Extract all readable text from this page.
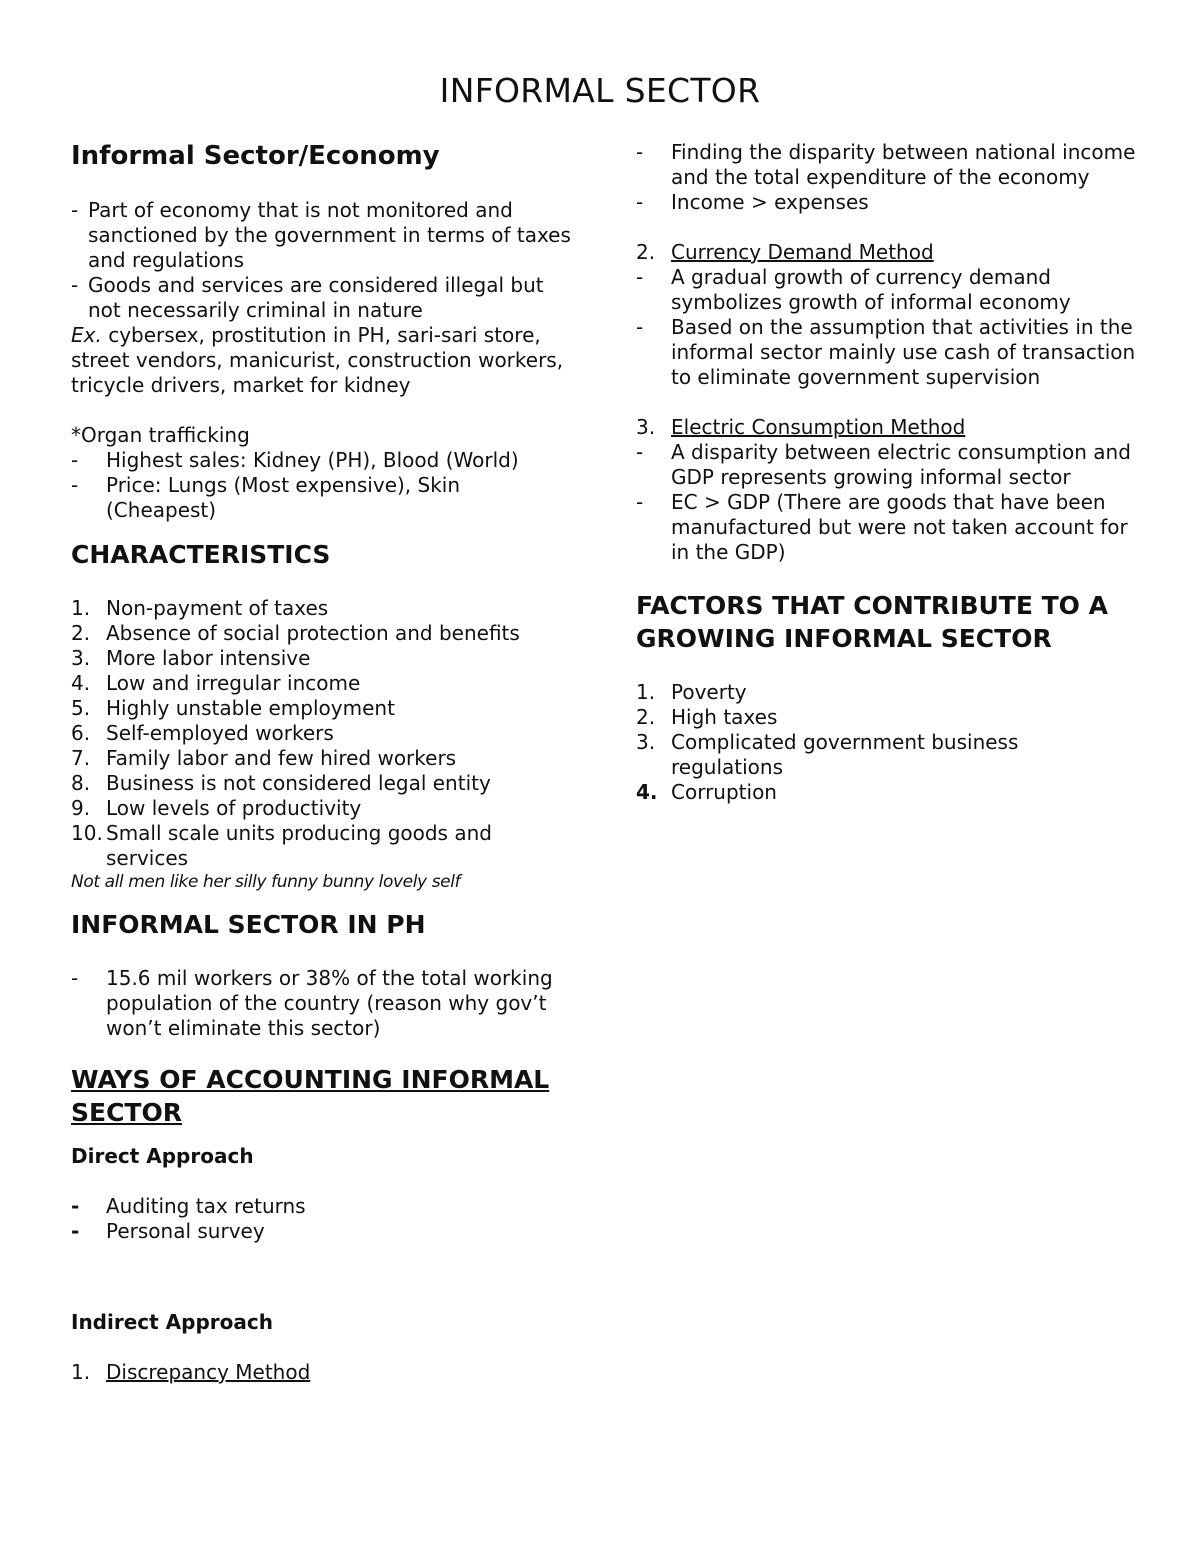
INFORMAL SECTOR
Informal Sector/Economy
- Part of economy that is not monitored and sanctioned by the government in terms of taxes and regulations
- Goods and services are considered illegal but not necessarily criminal in nature

Ex. cybersex, prostitution in PH, sari-sari store, street vendors, manicurist, construction workers, tricycle drivers, market for kidney

*Organ trafficking

-	Highest sales: Kidney (PH), Blood (World)
-	Price: Lungs (Most expensive), Skin (Cheapest)
CHARACTERISTICS
1. Non-payment of taxes
2. Absence of social protection and benefits
3. More labor intensive
4. Low and irregular income
5. Highly unstable employment
6. Self-employed workers
7. Family labor and few hired workers
8. Business is not considered legal entity
9. Low levels of productivity
10. Small scale units producing goods and services

Not all men like her silly funny bunny lovely self

INFORMAL SECTOR IN PH
-	15.6 mil workers or 38% of the total working population of the country (reason why gov’t won’t eliminate this sector)
WAYS OF ACCOUNTING INFORMAL SECTOR
Direct Approach
-	Auditing tax returns
-	Personal survey
Indirect Approach
1. Discrepancy Method
-	Finding the disparity between national income and the total expenditure of the economy
-	Income > expenses
2. Currency Demand Method
-	A gradual growth of currency demand symbolizes growth of informal economy
-	Based on the assumption that activities in the informal sector mainly use cash of transaction to eliminate government supervision
3. Electric Consumption Method
-	A disparity between electric consumption and GDP represents growing informal sector
-	EC > GDP (There are goods that have been manufactured but were not taken account for in the GDP)
FACTORS THAT CONTRIBUTE TO A GROWING INFORMAL SECTOR
1. Poverty
2. High taxes
3. Complicated government business regulations
4. Corruption
